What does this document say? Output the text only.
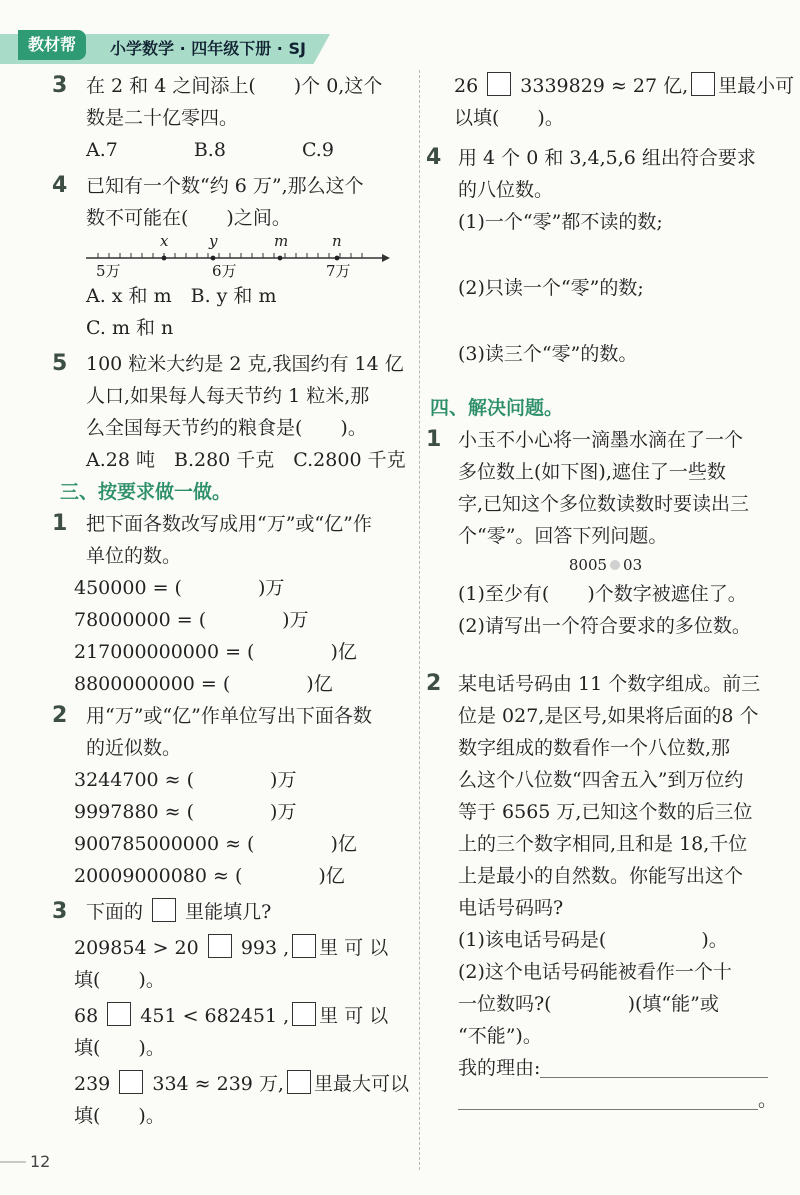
教材帮	小学数学 · 四年级下册 · SJ
3 在 2 和 4 之间添上(　　)个 0,这个
数是二十亿零四。
A.7　　　　B.8　　　　C.9
4 已知有一个数“约 6 万”,那么这个
数不可能在(　　)之间。
x	y	m	n
5万	6万	7万
A. x 和 m　B. y 和 m
C. m 和 n
5 100 粒米大约是 2 克,我国约有 14 亿
人口,如果每人每天节约 1 粒米,那
么全国每天节约的粮食是(　　)。
A.28 吨　B.280 千克　C.2800 千克
三、按要求做一做。
1 把下面各数改写成用“万”或“亿”作
单位的数。
450000 = (　　　　)万
78000000 = (　　　　)万
217000000000 = (　　　　)亿
8800000000 = (　　　　)亿
2 用“万”或“亿”作单位写出下面各数
的近似数。
3244700 ≈ (　　　　)万
9997880 ≈ (　　　　)万
900785000000 ≈ (　　　　)亿
20009000080 ≈ (　　　　)亿
3 下面的 里能填几?
209854 > 20 993 , 里 可 以
填(　　)。
68 451 < 682451 , 里 可 以
填(　　)。
239 334 ≈ 239 万, 里最大可以
填(　　)。
26 3339829 ≈ 27 亿, 里最小可
以填(　　)。
4 用 4 个 0 和 3,4,5,6 组出符合要求
的八位数。
(1)一个“零”都不读的数;
(2)只读一个“零”的数;
(3)读三个“零”的数。
四、解决问题。
1 小玉不小心将一滴墨水滴在了一个
多位数上(如下图),遮住了一些数
字,已知这个多位数读数时要读出三
个“零”。回答下列问题。
8005 03
(1)至少有(　　)个数字被遮住了。
(2)请写出一个符合要求的多位数。
2 某电话号码由 11 个数字组成。前三
位是 027,是区号,如果将后面的8 个
数字组成的数看作一个八位数,那
么这个八位数“四舍五入”到万位约
等于 6565 万,已知这个数的后三位
上的三个数字相同,且和是 18,千位
上是最小的自然数。你能写出这个
电话号码吗?
(1)该电话号码是(　　　　　)。
(2)这个电话号码能被看作一个十
一位数吗?(　　　　)(填“能”或
“不能”)。
我的理由:
。
12
